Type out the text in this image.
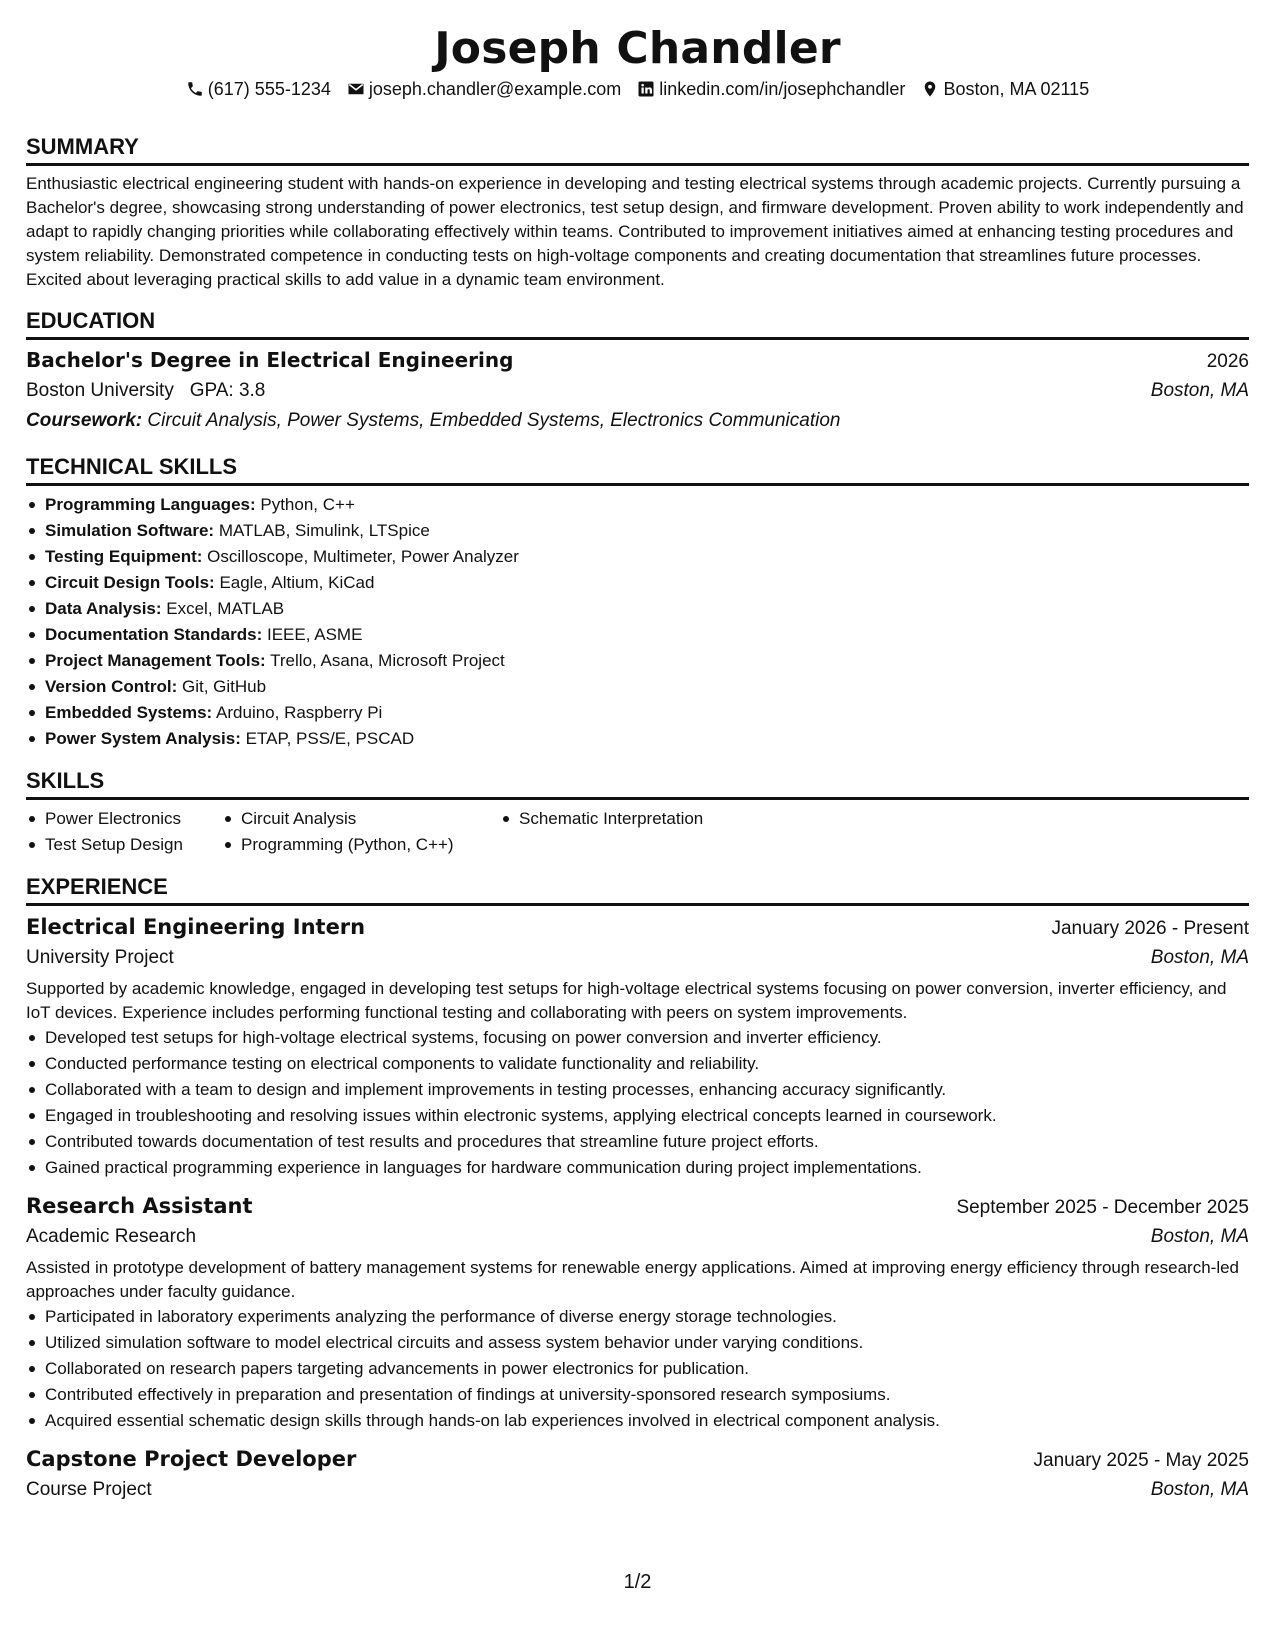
Joseph Chandler
(617) 555-1234 joseph.chandler@example.com linkedin.com/in/josephchandler Boston, MA 02115
SUMMARY

Enthusiastic electrical engineering student with hands-on experience in developing and testing electrical systems through academic projects. Currently pursuing a Bachelor's degree, showcasing strong understanding of power electronics, test setup design, and firmware development. Proven ability to work independently and adapt to rapidly changing priorities while collaborating effectively within teams. Contributed to improvement initiatives aimed at enhancing testing procedures and system reliability. Demonstrated competence in conducting tests on high-voltage components and creating documentation that streamlines future processes. Excited about leveraging practical skills to add value in a dynamic team environment.

EDUCATION
Bachelor's Degree in Electrical Engineering	2026
Boston University GPA: 3.8	Boston, MA
Coursework: Circuit Analysis, Power Systems, Embedded Systems, Electronics Communication
TECHNICAL SKILLS
Programming Languages: Python, C++
Simulation Software: MATLAB, Simulink, LTSpice
Testing Equipment: Oscilloscope, Multimeter, Power Analyzer
Circuit Design Tools: Eagle, Altium, KiCad
Data Analysis: Excel, MATLAB
Documentation Standards: IEEE, ASME
Project Management Tools: Trello, Asana, Microsoft Project
Version Control: Git, GitHub
Embedded Systems: Arduino, Raspberry Pi
Power System Analysis: ETAP, PSS/E, PSCAD
SKILLS
Power Electronics	Circuit Analysis	Schematic Interpretation
Test Setup Design	Programming (Python, C++)
EXPERIENCE
Electrical Engineering Intern	January 2026 - Present
University Project	Boston, MA

Supported by academic knowledge, engaged in developing test setups for high-voltage electrical systems focusing on power conversion, inverter efficiency, and IoT devices. Experience includes performing functional testing and collaborating with peers on system improvements.

Developed test setups for high-voltage electrical systems, focusing on power conversion and inverter efficiency.
Conducted performance testing on electrical components to validate functionality and reliability.
Collaborated with a team to design and implement improvements in testing processes, enhancing accuracy significantly.
Engaged in troubleshooting and resolving issues within electronic systems, applying electrical concepts learned in coursework.
Contributed towards documentation of test results and procedures that streamline future project efforts.
Gained practical programming experience in languages for hardware communication during project implementations.
Research Assistant	September 2025 - December 2025
Academic Research	Boston, MA

Assisted in prototype development of battery management systems for renewable energy applications. Aimed at improving energy efficiency through research-led approaches under faculty guidance.

Participated in laboratory experiments analyzing the performance of diverse energy storage technologies.
Utilized simulation software to model electrical circuits and assess system behavior under varying conditions.
Collaborated on research papers targeting advancements in power electronics for publication.
Contributed effectively in preparation and presentation of findings at university-sponsored research symposiums.
Acquired essential schematic design skills through hands-on lab experiences involved in electrical component analysis.
Capstone Project Developer	January 2025 - May 2025
Course Project	Boston, MA
1/2
